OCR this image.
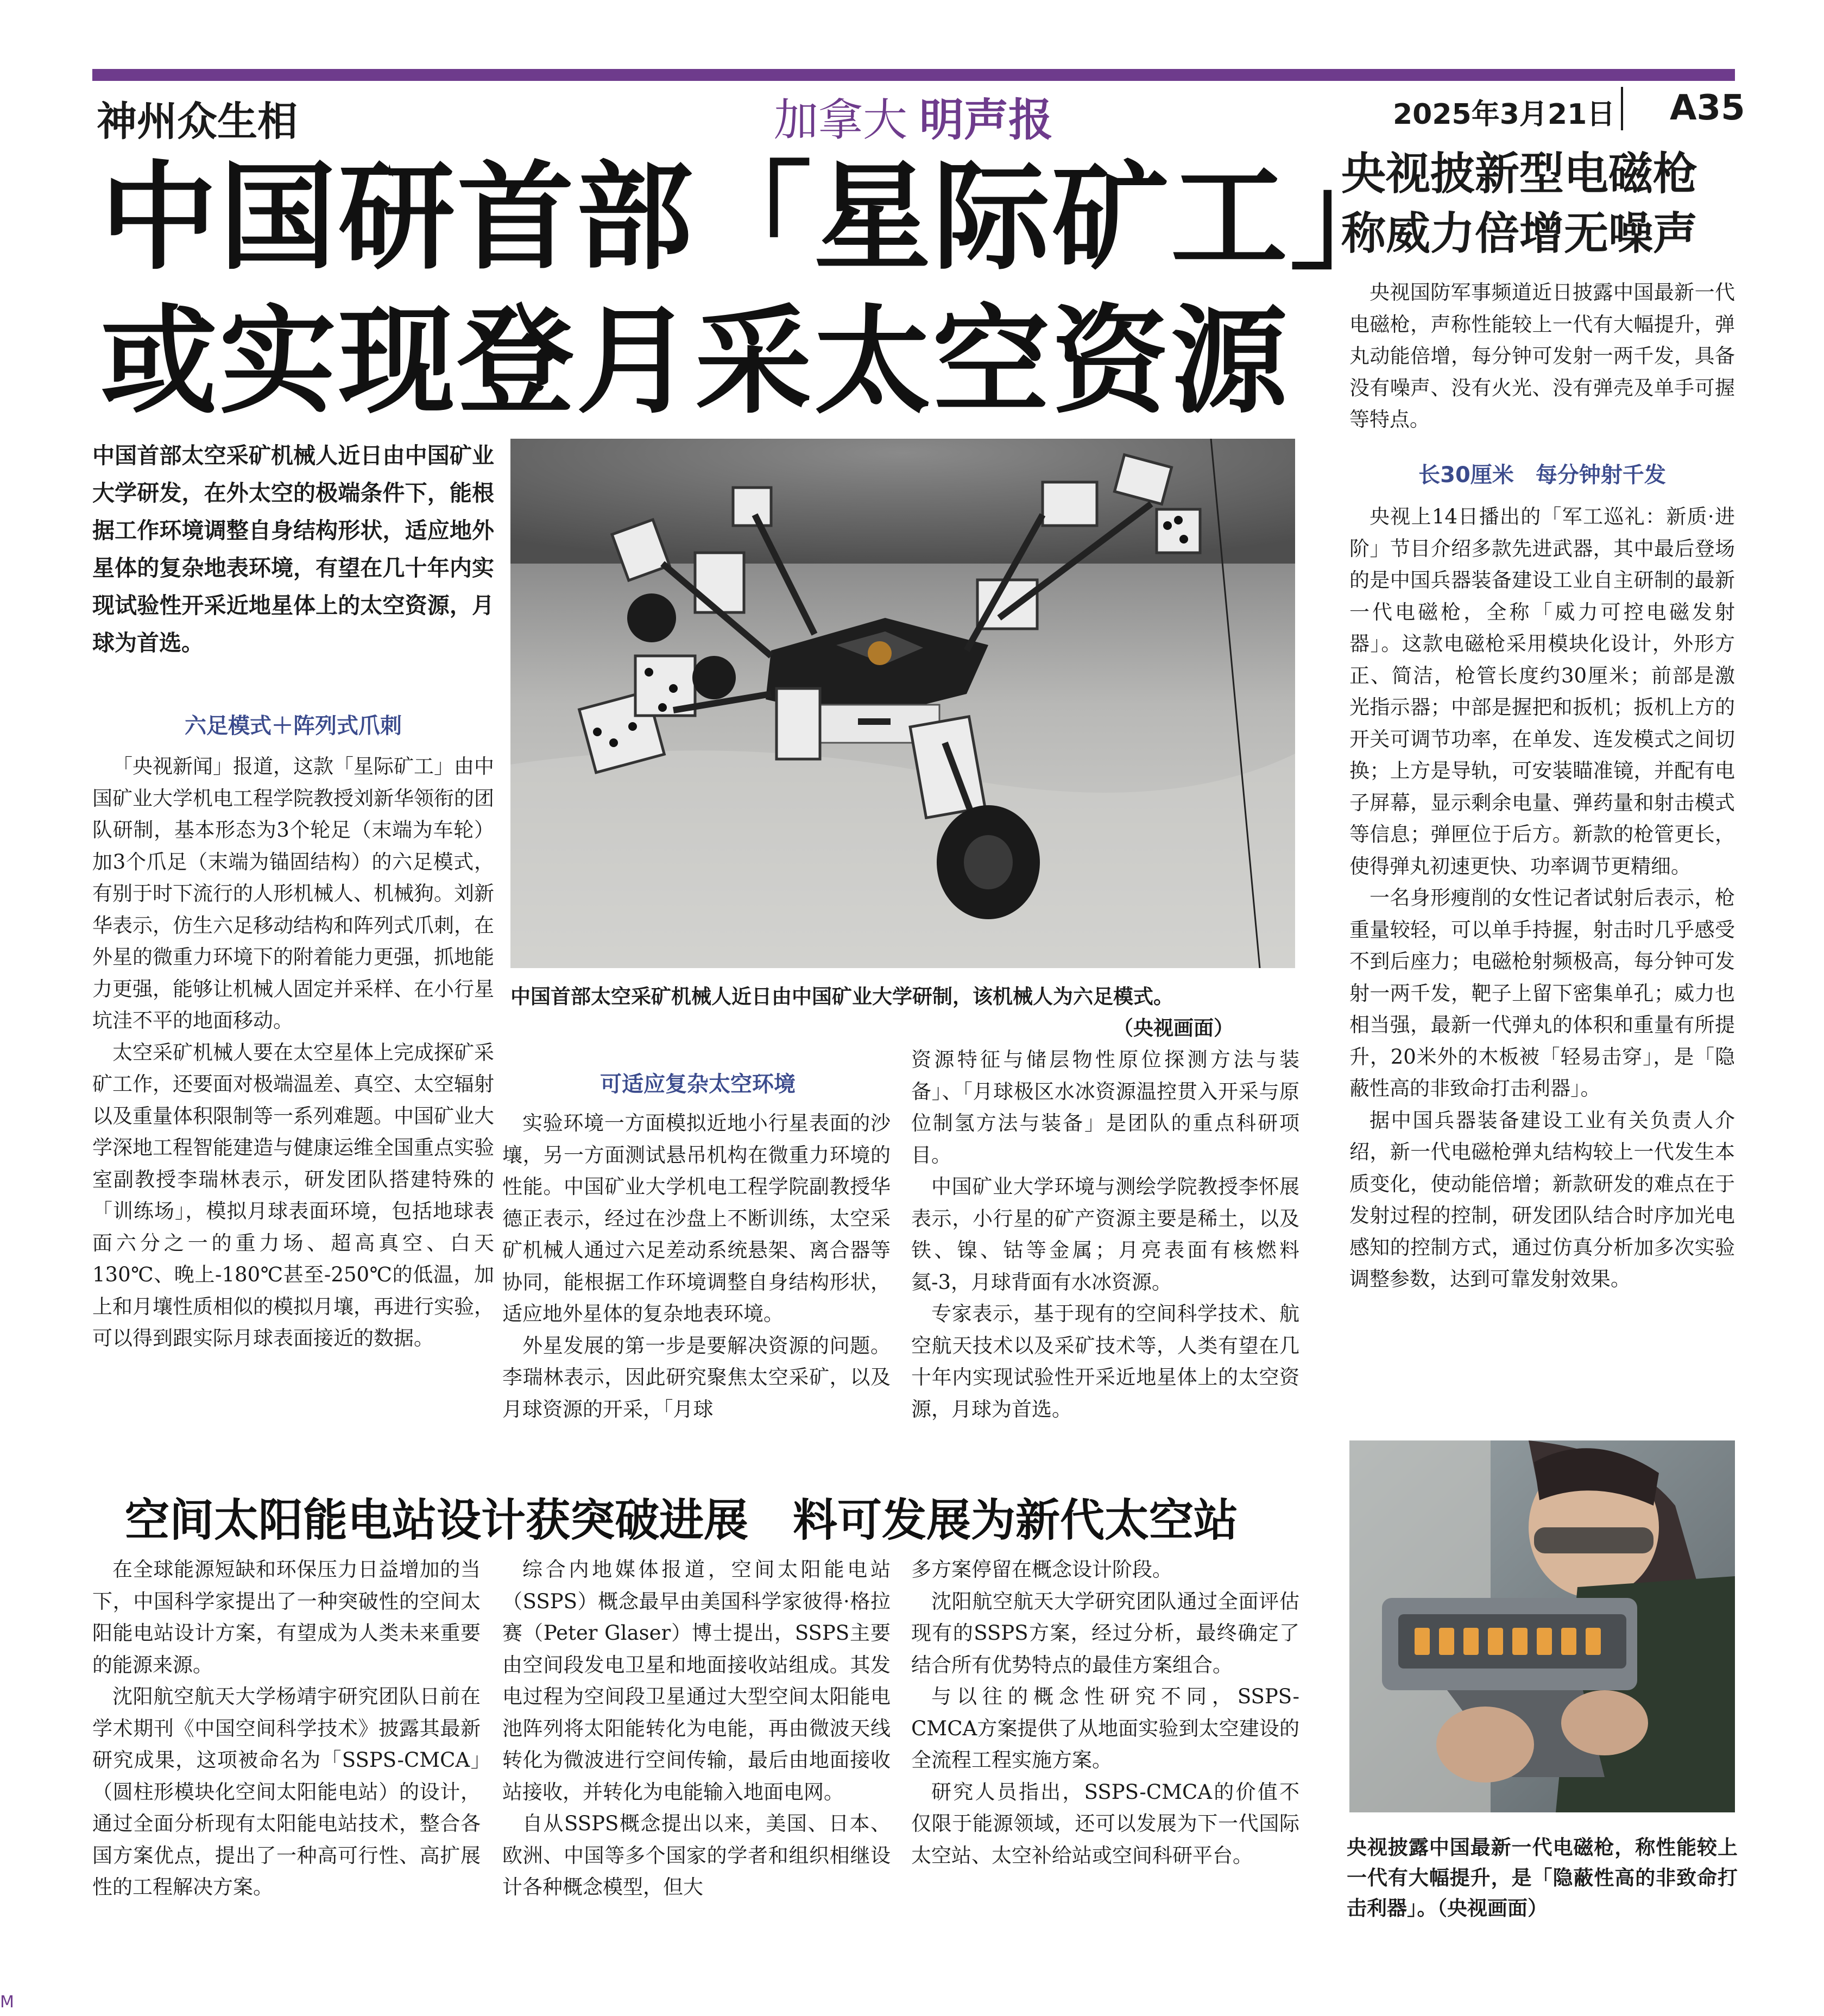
神州众生相	加拿大 明声报	2025年3月21日 A35
中国研首部「星际矿工」
或实现登月采太空资源
中国首部太空采矿机械人近日由中国矿业大学研发，在外太空的极端条件下，能根据工作环境调整自身结构形状，适应地外星体的复杂地表环境，有望在几十年内实现试验性开采近地星体上的太空资源，月球为首选。
六足模式＋阵列式爪刺

「央视新闻」报道，这款「星际矿工」由中国矿业大学机电工程学院教授刘新华领衔的团队研制，基本形态为3个轮足（末端为车轮）加3个爪足（末端为锚固结构）的六足模式，有别于时下流行的人形机械人、机械狗。刘新华表示，仿生六足移动结构和阵列式爪刺，在外星的微重力环境下的附着能力更强，抓地能力更强，能够让机械人固定并采样、在小行星坑洼不平的地面移动。

太空采矿机械人要在太空星体上完成探矿采矿工作，还要面对极端温差、真空、太空辐射以及重量体积限制等一系列难题。中国矿业大学深地工程智能建造与健康运维全国重点实验室副教授李瑞林表示，研发团队搭建特殊的「训练场」，模拟月球表面环境，包括地球表面六分之一的重力场、超高真空、白天130℃、晚上-180℃甚至-250℃的低温，加上和月壤性质相似的模拟月壤，再进行实验，可以得到跟实际月球表面接近的数据。

中国首部太空采矿机械人近日由中国矿业大学研制，该机械人为六足模式。
（央视画面）
可适应复杂太空环境

实验环境一方面模拟近地小行星表面的沙壤，另一方面测试悬吊机构在微重力环境的性能。中国矿业大学机电工程学院副教授华德正表示，经过在沙盘上不断训练，太空采矿机械人通过六足差动系统悬架、离合器等协同，能根据工作环境调整自身结构形状，适应地外星体的复杂地表环境。

外星发展的第一步是要解决资源的问题。李瑞林表示，因此研究聚焦太空采矿，以及月球资源的开采，「月球

资源特征与储层物性原位探测方法与装备」、「月球极区水冰资源温控贯入开采与原位制氢方法与装备」是团队的重点科研项目。

中国矿业大学环境与测绘学院教授李怀展表示，小行星的矿产资源主要是稀土，以及铁、镍、钴等金属；月亮表面有核燃料氦-3，月球背面有水冰资源。

专家表示，基于现有的空间科学技术、航空航天技术以及采矿技术等，人类有望在几十年内实现试验性开采近地星体上的太空资源，月球为首选。

央视披新型电磁枪
称威力倍增无噪声

央视国防军事频道近日披露中国最新一代电磁枪，声称性能较上一代有大幅提升，弹丸动能倍增，每分钟可发射一两千发，具备没有噪声、没有火光、没有弹壳及单手可握等特点。

长30厘米　每分钟射千发

央视上14日播出的「军工巡礼：新质·进阶」节目介绍多款先进武器，其中最后登场的是中国兵器装备建设工业自主研制的最新一代电磁枪，全称「威力可控电磁发射器」。这款电磁枪采用模块化设计，外形方正、简洁，枪管长度约30厘米；前部是激光指示器；中部是握把和扳机；扳机上方的开关可调节功率，在单发、连发模式之间切换；上方是导轨，可安装瞄准镜，并配有电子屏幕，显示剩余电量、弹药量和射击模式等信息；弹匣位于后方。新款的枪管更长，使得弹丸初速更快、功率调节更精细。

一名身形瘦削的女性记者试射后表示，枪重量较轻，可以单手持握，射击时几乎感受不到后座力；电磁枪射频极高，每分钟可发射一两千发，靶子上留下密集单孔；威力也相当强，最新一代弹丸的体积和重量有所提升，20米外的木板被「轻易击穿」，是「隐蔽性高的非致命打击利器」。

据中国兵器装备建设工业有关负责人介绍，新一代电磁枪弹丸结构较上一代发生本质变化，使动能倍增；新款研发的难点在于发射过程的控制，研发团队结合时序加光电感知的控制方式，通过仿真分析加多次实验调整参数，达到可靠发射效果。

央视披露中国最新一代电磁枪，称性能较上一代有大幅提升，是「隐蔽性高的非致命打击利器」。（央视画面）
空间太阳能电站设计获突破进展　料可发展为新代太空站

在全球能源短缺和环保压力日益增加的当下，中国科学家提出了一种突破性的空间太阳能电站设计方案，有望成为人类未来重要的能源来源。

沈阳航空航天大学杨靖宇研究团队日前在学术期刊《中国空间科学技术》披露其最新研究成果，这项被命名为「SSPS-CMCA」（圆柱形模块化空间太阳能电站）的设计，通过全面分析现有太阳能电站技术，整合各国方案优点，提出了一种高可行性、高扩展性的工程解决方案。

综合内地媒体报道，空间太阳能电站（SSPS）概念最早由美国科学家彼得·格拉赛（Peter Glaser）博士提出，SSPS主要由空间段发电卫星和地面接收站组成。其发电过程为空间段卫星通过大型空间太阳能电池阵列将太阳能转化为电能，再由微波天线转化为微波进行空间传输，最后由地面接收站接收，并转化为电能输入地面电网。

自从SSPS概念提出以来，美国、日本、欧洲、中国等多个国家的学者和组织相继设计各种概念模型，但大

多方案停留在概念设计阶段。

沈阳航空航天大学研究团队通过全面评估现有的SSPS方案，经过分析，最终确定了结合所有优势特点的最佳方案组合。

与以往的概念性研究不同，SSPS-CMCA方案提供了从地面实验到太空建设的全流程工程实施方案。

研究人员指出，SSPS-CMCA的价值不仅限于能源领域，还可以发展为下一代国际太空站、太空补给站或空间科研平台。

M
